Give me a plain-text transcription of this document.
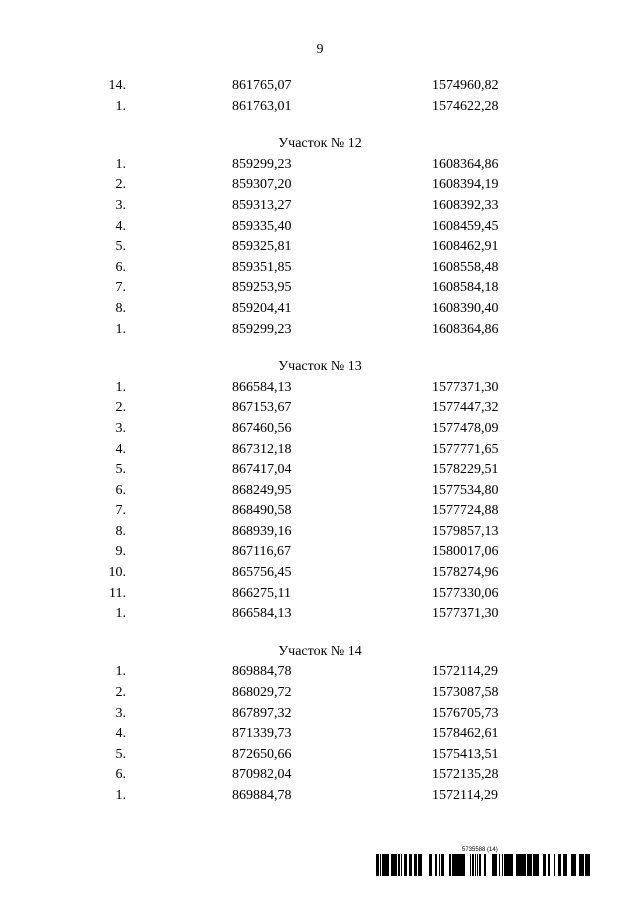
9
14.	861765,07	1574960,82
1.	861763,01	1574622,28
Участок № 12
1.	859299,23	1608364,86
2.	859307,20	1608394,19
3.	859313,27	1608392,33
4.	859335,40	1608459,45
5.	859325,81	1608462,91
6.	859351,85	1608558,48
7.	859253,95	1608584,18
8.	859204,41	1608390,40
1.	859299,23	1608364,86
Участок № 13
1.	866584,13	1577371,30
2.	867153,67	1577447,32
3.	867460,56	1577478,09
4.	867312,18	1577771,65
5.	867417,04	1578229,51
6.	868249,95	1577534,80
7.	868490,58	1577724,88
8.	868939,16	1579857,13
9.	867116,67	1580017,06
10.	865756,45	1578274,96
11.	866275,11	1577330,06
1.	866584,13	1577371,30
Участок № 14
1.	869884,78	1572114,29
2.	868029,72	1573087,58
3.	867897,32	1576705,73
4.	871339,73	1578462,61
5.	872650,66	1575413,51
6.	870982,04	1572135,28
1.	869884,78	1572114,29
5735588 (14)
